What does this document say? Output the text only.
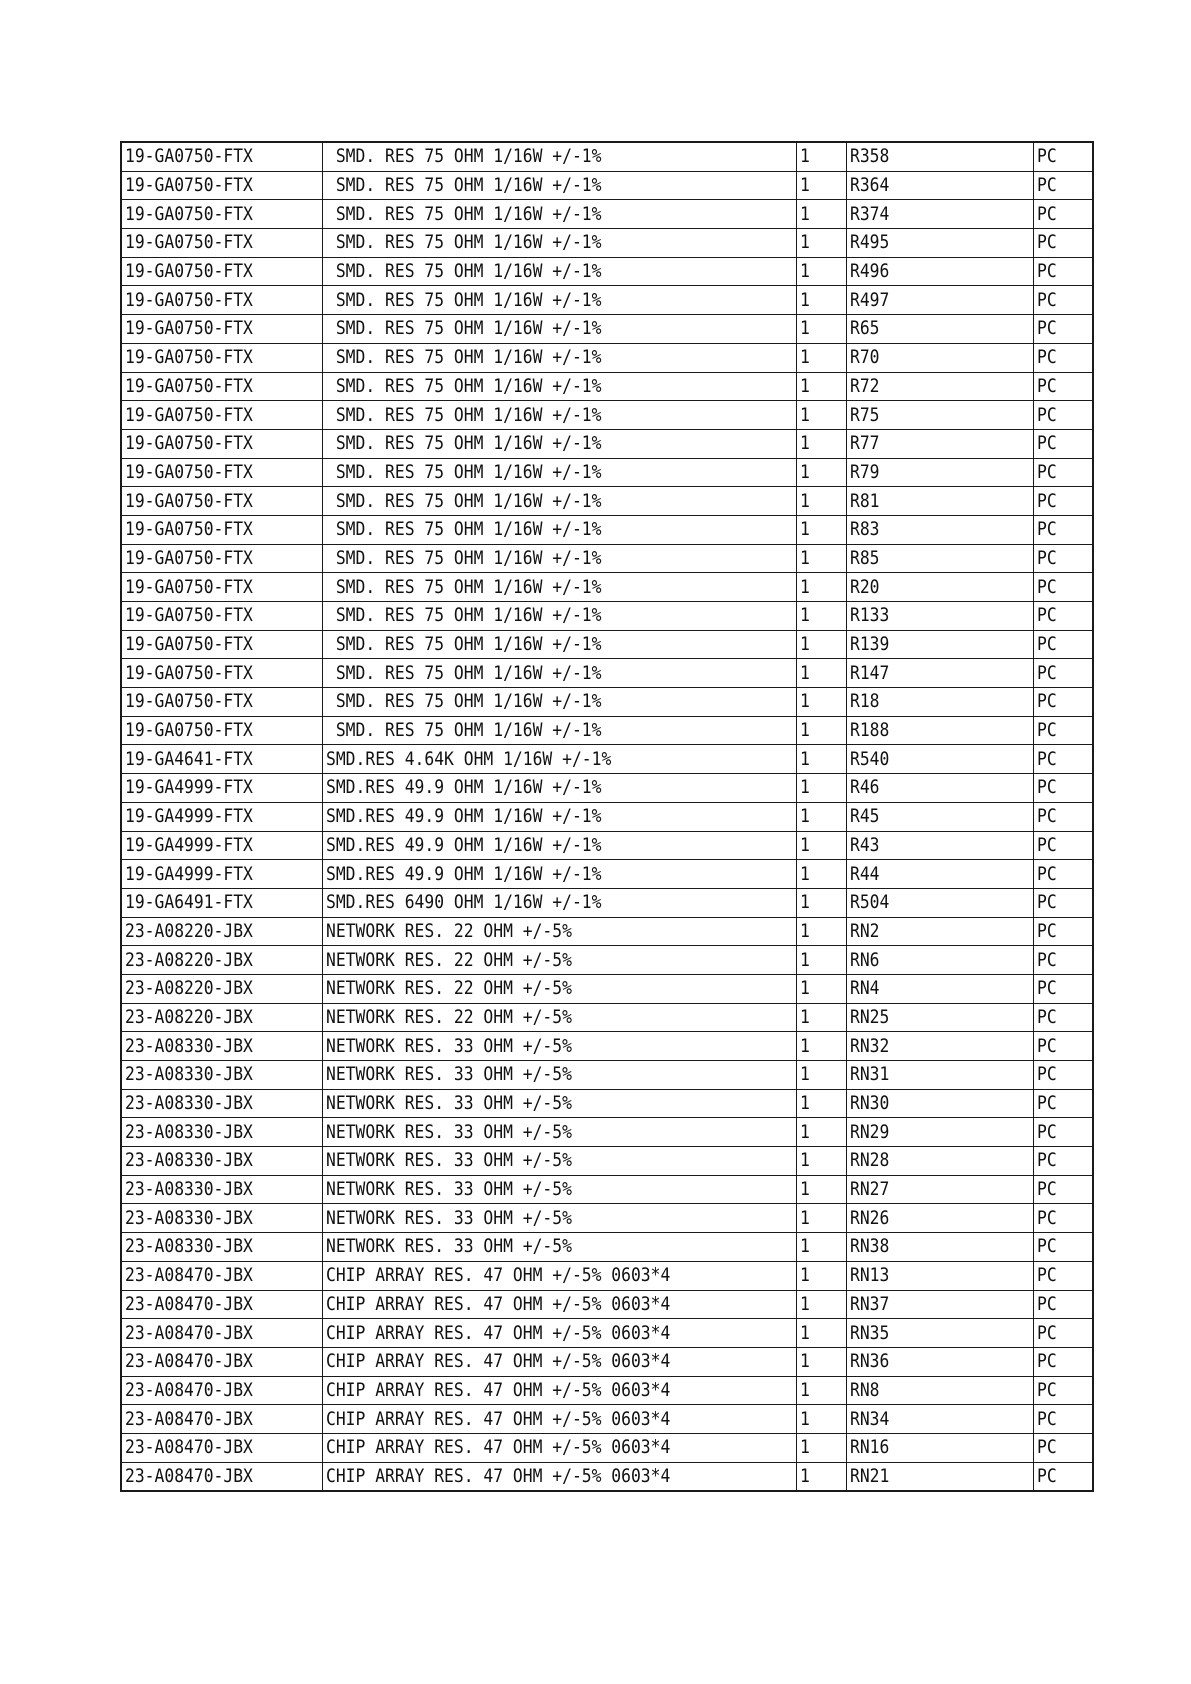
19-GA0750-FTX	SMD. RES 75 OHM 1/16W +/-1%	1	R358	PC
19-GA0750-FTX	SMD. RES 75 OHM 1/16W +/-1%	1	R364	PC
19-GA0750-FTX	SMD. RES 75 OHM 1/16W +/-1%	1	R374	PC
19-GA0750-FTX	SMD. RES 75 OHM 1/16W +/-1%	1	R495	PC
19-GA0750-FTX	SMD. RES 75 OHM 1/16W +/-1%	1	R496	PC
19-GA0750-FTX	SMD. RES 75 OHM 1/16W +/-1%	1	R497	PC
19-GA0750-FTX	SMD. RES 75 OHM 1/16W +/-1%	1	R65	PC
19-GA0750-FTX	SMD. RES 75 OHM 1/16W +/-1%	1	R70	PC
19-GA0750-FTX	SMD. RES 75 OHM 1/16W +/-1%	1	R72	PC
19-GA0750-FTX	SMD. RES 75 OHM 1/16W +/-1%	1	R75	PC
19-GA0750-FTX	SMD. RES 75 OHM 1/16W +/-1%	1	R77	PC
19-GA0750-FTX	SMD. RES 75 OHM 1/16W +/-1%	1	R79	PC
19-GA0750-FTX	SMD. RES 75 OHM 1/16W +/-1%	1	R81	PC
19-GA0750-FTX	SMD. RES 75 OHM 1/16W +/-1%	1	R83	PC
19-GA0750-FTX	SMD. RES 75 OHM 1/16W +/-1%	1	R85	PC
19-GA0750-FTX	SMD. RES 75 OHM 1/16W +/-1%	1	R20	PC
19-GA0750-FTX	SMD. RES 75 OHM 1/16W +/-1%	1	R133	PC
19-GA0750-FTX	SMD. RES 75 OHM 1/16W +/-1%	1	R139	PC
19-GA0750-FTX	SMD. RES 75 OHM 1/16W +/-1%	1	R147	PC
19-GA0750-FTX	SMD. RES 75 OHM 1/16W +/-1%	1	R18	PC
19-GA0750-FTX	SMD. RES 75 OHM 1/16W +/-1%	1	R188	PC
19-GA4641-FTX	SMD.RES 4.64K OHM 1/16W +/-1%	1	R540	PC
19-GA4999-FTX	SMD.RES 49.9 OHM 1/16W +/-1%	1	R46	PC
19-GA4999-FTX	SMD.RES 49.9 OHM 1/16W +/-1%	1	R45	PC
19-GA4999-FTX	SMD.RES 49.9 OHM 1/16W +/-1%	1	R43	PC
19-GA4999-FTX	SMD.RES 49.9 OHM 1/16W +/-1%	1	R44	PC
19-GA6491-FTX	SMD.RES 6490 OHM 1/16W +/-1%	1	R504	PC
23-A08220-JBX	NETWORK RES. 22 OHM +/-5%	1	RN2	PC
23-A08220-JBX	NETWORK RES. 22 OHM +/-5%	1	RN6	PC
23-A08220-JBX	NETWORK RES. 22 OHM +/-5%	1	RN4	PC
23-A08220-JBX	NETWORK RES. 22 OHM +/-5%	1	RN25	PC
23-A08330-JBX	NETWORK RES. 33 OHM +/-5%	1	RN32	PC
23-A08330-JBX	NETWORK RES. 33 OHM +/-5%	1	RN31	PC
23-A08330-JBX	NETWORK RES. 33 OHM +/-5%	1	RN30	PC
23-A08330-JBX	NETWORK RES. 33 OHM +/-5%	1	RN29	PC
23-A08330-JBX	NETWORK RES. 33 OHM +/-5%	1	RN28	PC
23-A08330-JBX	NETWORK RES. 33 OHM +/-5%	1	RN27	PC
23-A08330-JBX	NETWORK RES. 33 OHM +/-5%	1	RN26	PC
23-A08330-JBX	NETWORK RES. 33 OHM +/-5%	1	RN38	PC
23-A08470-JBX	CHIP ARRAY RES. 47 OHM +/-5% 0603*4	1	RN13	PC
23-A08470-JBX	CHIP ARRAY RES. 47 OHM +/-5% 0603*4	1	RN37	PC
23-A08470-JBX	CHIP ARRAY RES. 47 OHM +/-5% 0603*4	1	RN35	PC
23-A08470-JBX	CHIP ARRAY RES. 47 OHM +/-5% 0603*4	1	RN36	PC
23-A08470-JBX	CHIP ARRAY RES. 47 OHM +/-5% 0603*4	1	RN8	PC
23-A08470-JBX	CHIP ARRAY RES. 47 OHM +/-5% 0603*4	1	RN34	PC
23-A08470-JBX	CHIP ARRAY RES. 47 OHM +/-5% 0603*4	1	RN16	PC
23-A08470-JBX	CHIP ARRAY RES. 47 OHM +/-5% 0603*4	1	RN21	PC
